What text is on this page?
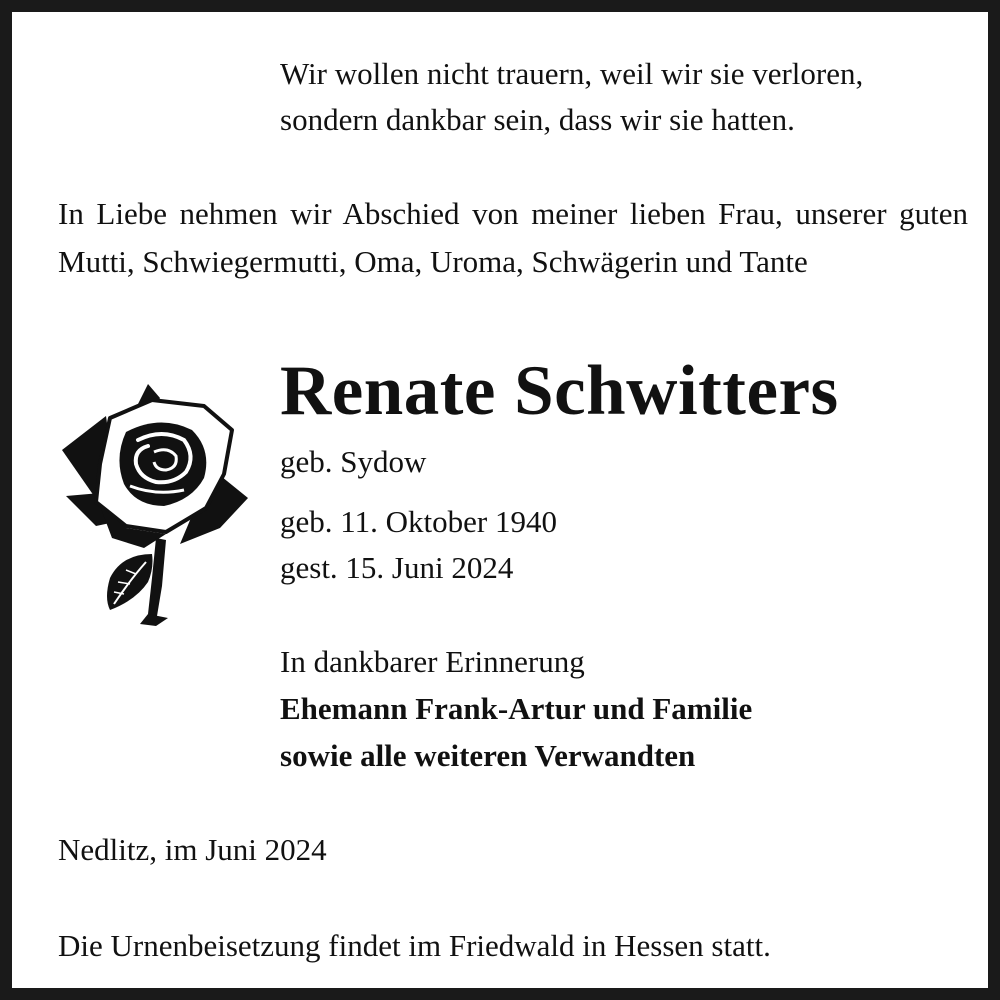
Wir wollen nicht trauern, weil wir sie verloren,

sondern dankbar sein, dass wir sie hatten.

In Liebe nehmen wir Abschied von meiner lieben Frau, unserer guten Mutti, Schwiegermutti, Oma, Uroma, Schwägerin und Tante

Renate Schwitters

geb. Sydow

geb. 11. Oktober 1940

gest. 15. Juni 2024

In dankbarer Erinnerung

Ehemann Frank-Artur und Familie

sowie alle weiteren Verwandten

Nedlitz, im Juni 2024

Die Urnenbeisetzung findet im Friedwald in Hessen statt.
